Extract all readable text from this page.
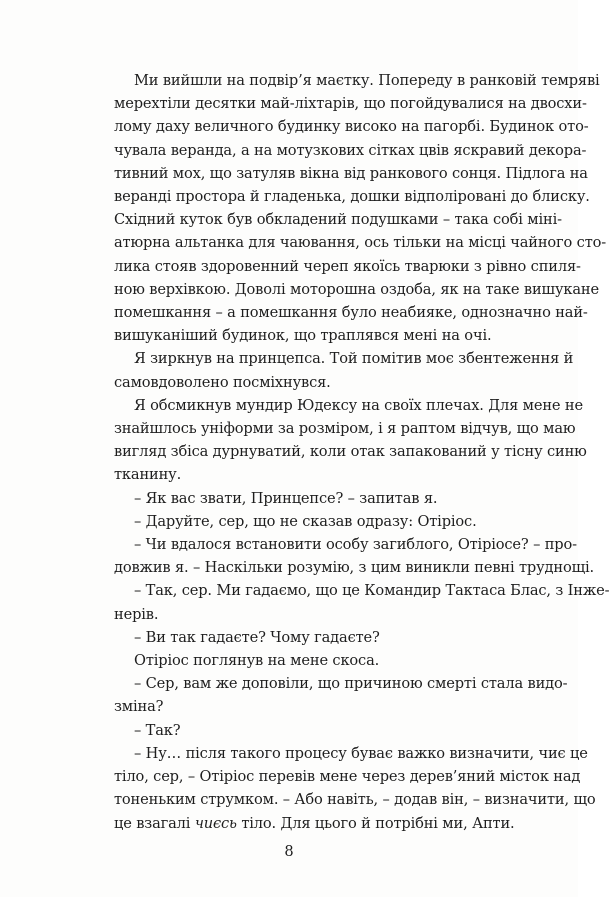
Ми вийшли на подвір’я маєтку. Попереду в ранковій темряві
мерехтіли десятки май-ліхтарів, що погойдувалися на двосхи-
лому даху величного будинку високо на пагорбі. Будинок ото-
чувала веранда, а на мотузкових сітках цвів яскравий декора-
тивний мох, що затуляв вікна від ранкового сонця. Підлога на
веранді простора й гладенька, дошки відполіровані до блиску.
Східний куток був обкладений подушками – така собі міні-
атюрна альтанка для чаювання, ось тільки на місці чайного сто-
лика стояв здоровенний череп якоїсь тварюки з рівно спиля-
ною верхівкою. Доволі моторошна оздоба, як на таке вишукане
помешкання – а помешкання було неабияке, однозначно най-
вишуканіший будинок, що траплявся мені на очі.
Я зиркнув на принцепса. Той помітив моє збентеження й
самовдоволено посміхнувся.
Я обсмикнув мундир Юдексу на своїх плечах. Для мене не
знайшлось уніформи за розміром, і я раптом відчув, що маю
вигляд збіса дурнуватий, коли отак запакований у тісну синю
тканину.
– Як вас звати, Принцепсе? – запитав я.
– Даруйте, сер, що не сказав одразу: Отіріос.
– Чи вдалося встановити особу загиблого, Отіріосе? – про-
довжив я. – Наскільки розумію, з цим виникли певні труднощі.
– Так, сер. Ми гадаємо, що це Командир Тактаса Блас, з Інже-
нерів.
– Ви так гадаєте? Чому гадаєте?
Отіріос поглянув на мене скоса.
– Сер, вам же доповіли, що причиною смерті стала видо-
зміна?
– Так?
– Ну… після такого процесу буває важко визначити, чиє це
тіло, сер, – Отіріос перевів мене через дерев’яний місток над
тоненьким струмком. – Або навіть, – додав він, – визначити, що
це взагалі чиєсь тіло. Для цього й потрібні ми, Апти.
8
